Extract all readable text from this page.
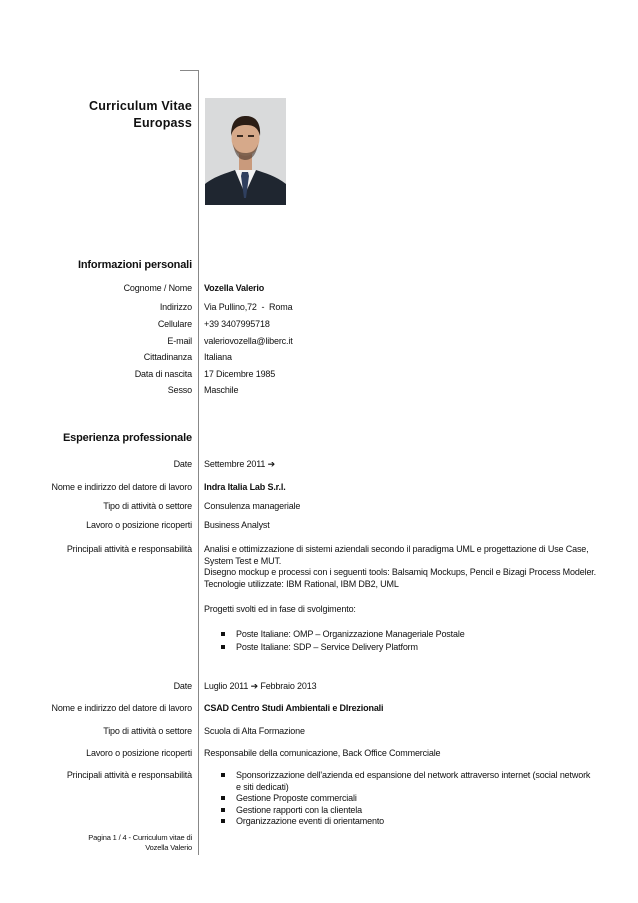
Curriculum Vitae
Europass
Informazioni personali
Cognome / Nome Vozella Valerio
Indirizzo Via Pullino,72  -  Roma
Cellulare +39 3407995718
E-mail valeriovozella@liberc.it
Cittadinanza Italiana
Data di nascita 17 Dicembre 1985
Sesso Maschile
Esperienza professionale
Date Settembre 2011 ➔
Nome e indirizzo del datore di lavoro Indra Italia Lab S.r.l.
Tipo di attività o settore Consulenza manageriale
Lavoro o posizione ricoperti Business Analyst
Principali attività e responsabilità Analisi e ottimizzazione di sistemi aziendali secondo il paradigma UML e progettazione di Use Case,
System Test e MUT.
Disegno mockup e processi con i seguenti tools: Balsamiq Mockups, Pencil e Bizagi Process Modeler.
Tecnologie utilizzate: IBM Rational, IBM DB2, UML
Progetti svolti ed in fase di svolgimento:
Poste Italiane: OMP – Organizzazione Manageriale Postale
Poste Italiane: SDP – Service Delivery Platform
Date Luglio 2011 ➔ Febbraio 2013
Nome e indirizzo del datore di lavoro CSAD Centro Studi Ambientali e DIrezionali
Tipo di attività o settore Scuola di Alta Formazione
Lavoro o posizione ricoperti Responsabile della comunicazione, Back Office Commerciale
Principali attività e responsabilità	Sponsorizzazione dell'azienda ed espansione del network attraverso internet (social network
e siti dedicati)
Gestione Proposte commerciali
Gestione rapporti con la clientela
Organizzazione eventi di orientamento
Pagina 1 / 4 - Curriculum vitae di
Vozella Valerio
